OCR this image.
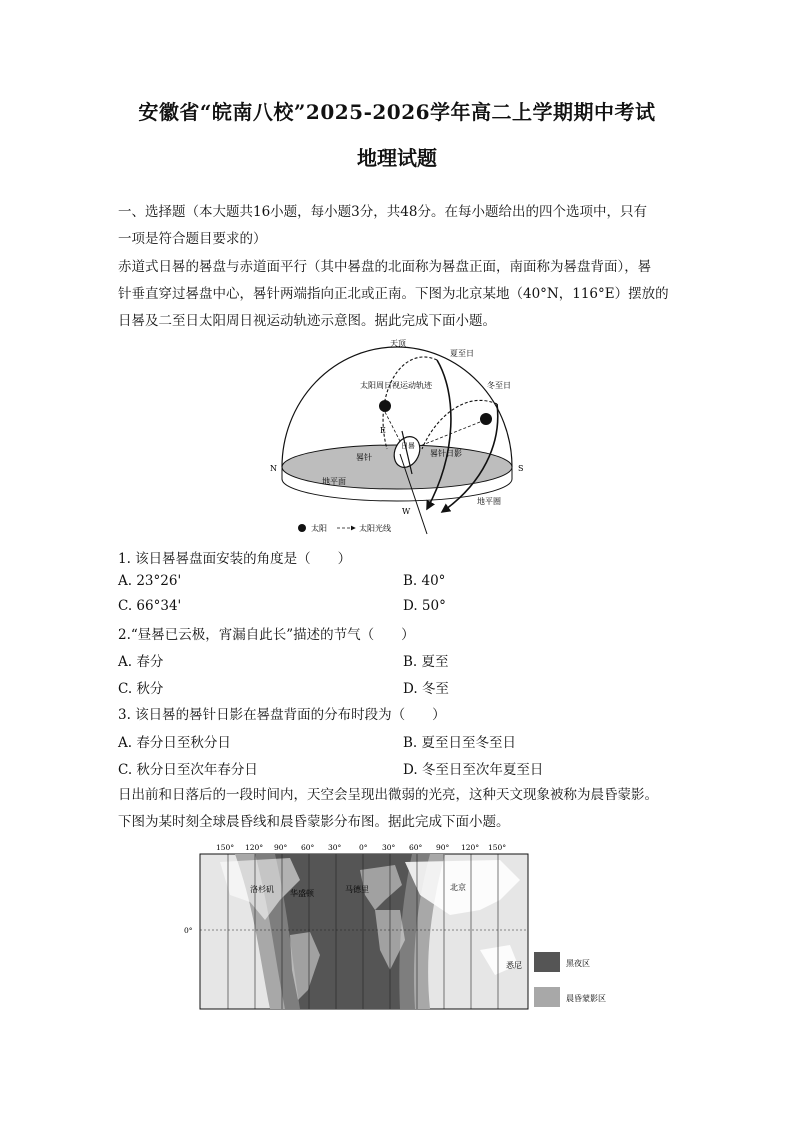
安徽省“皖南八校”2025-2026学年高二上学期期中考试
地理试题
一、选择题（本大题共16小题，每小题3分，共48分。在每小题给出的四个选项中，只有
一项是符合题目要求的）
赤道式日晷的晷盘与赤道面平行（其中晷盘的北面称为晷盘正面，南面称为晷盘背面），晷
针垂直穿过晷盘中心，晷针两端指向正北或正南。下图为北京某地（40°N，116°E）摆放的
日晷及二至日太阳周日视运动轨迹示意图。据此完成下面小题。
天顶
夏至日
冬至日
太阳周日视运动轨迹
E
日晷
晷针	晷针日影
N	S
地平面
W
地平圈
太阳	太阳光线
1. 该日晷晷盘面安装的角度是（　　）
A. 23°26'	B. 40°
C. 66°34'	D. 50°
2.“昼晷已云极，宵漏自此长”描述的节气（　　）
A. 春分	B. 夏至
C. 秋分	D. 冬至
3. 该日晷的晷针日影在晷盘背面的分布时段为（　　）
A. 春分日至秋分日	B. 夏至日至冬至日
C. 秋分日至次年春分日	D. 冬至日至次年夏至日
日出前和日落后的一段时间内，天空会呈现出微弱的光亮，这种天文现象被称为晨昏蒙影。
下图为某时刻全球晨昏线和晨昏蒙影分布图。据此完成下面小题。
150° 120° 90° 60° 30° 0° 30° 60° 90° 120° 150°
0°
洛杉矶 华盛顿	马德里	北京
悉尼	黑夜区
晨昏蒙影区
